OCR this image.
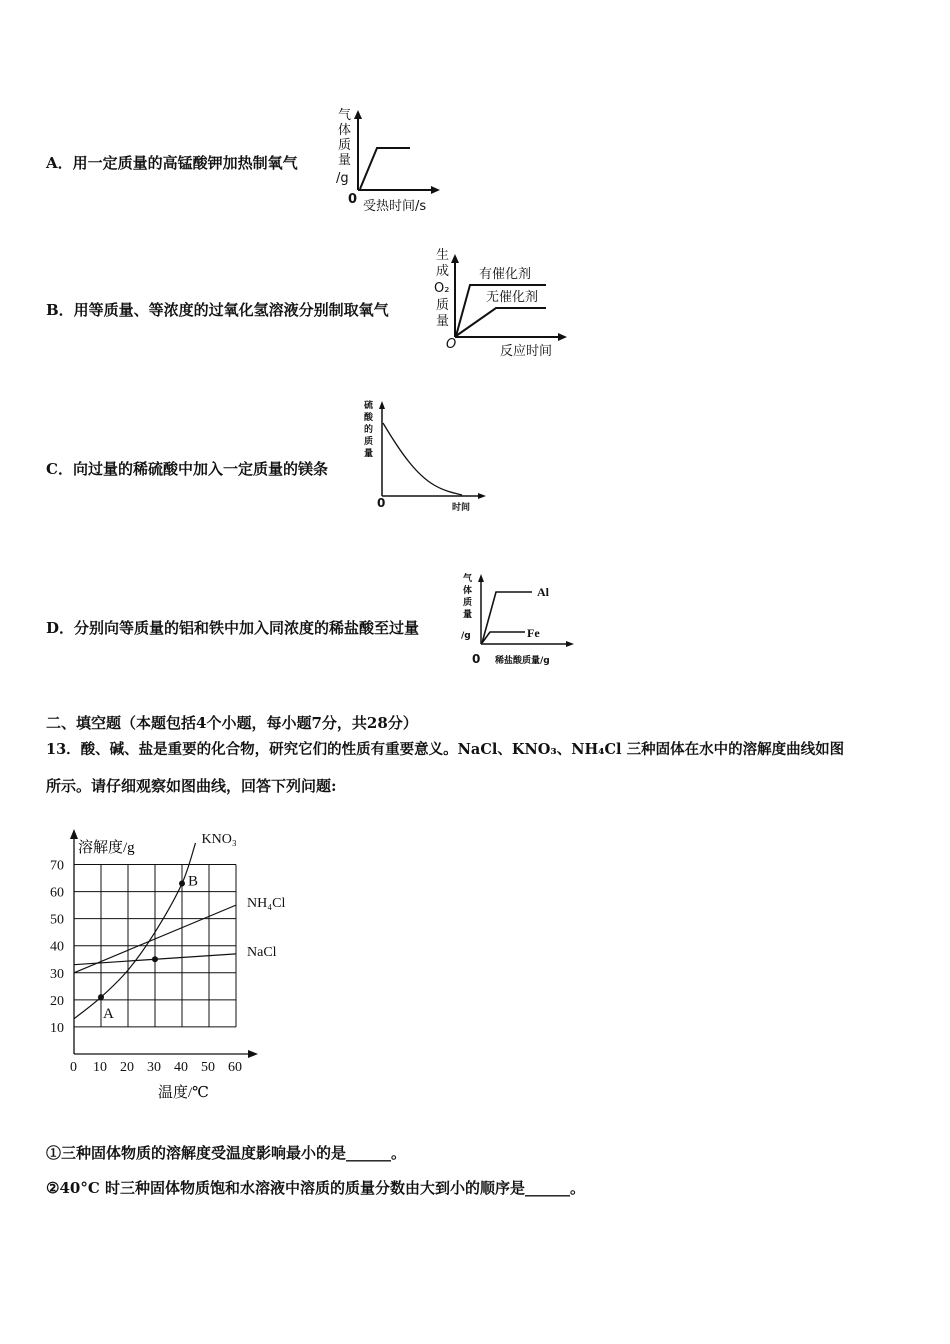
A．用一定质量的高锰酸钾加热制氧气
气
体
质
量
/g
0 受热时间/s
B．用等质量、等浓度的过氧化氢溶液分别制取氧气
生
成
O₂
质
量
O	反应时间
有催化剂
无催化剂
C．向过量的稀硫酸中加入一定质量的镁条
硫
酸
的
质
量
时间
0
D．分别向等质量的铝和铁中加入同浓度的稀盐酸至过量
气
体
质
量
/g
稀盐酸质量/g
0
Al
Fe
二、填空题（本题包括4个小题，每小题7分，共28分）
13．酸、碱、盐是重要的化合物，研究它们的性质有重要意义。NaCl、KNO₃、NH₄Cl 三种固体在水中的溶解度曲线如图
所示。请仔细观察如图曲线，回答下列问题:
0 10 20 30 40 50 60
10
20
30
40
50
60
70
KNO₃
NH₄Cl
NaCl
A
B
溶解度/g
温度/℃
①三种固体物质的溶解度受温度影响最小的是______。
②40°C 时三种固体物质饱和水溶液中溶质的质量分数由大到小的顺序是______。
